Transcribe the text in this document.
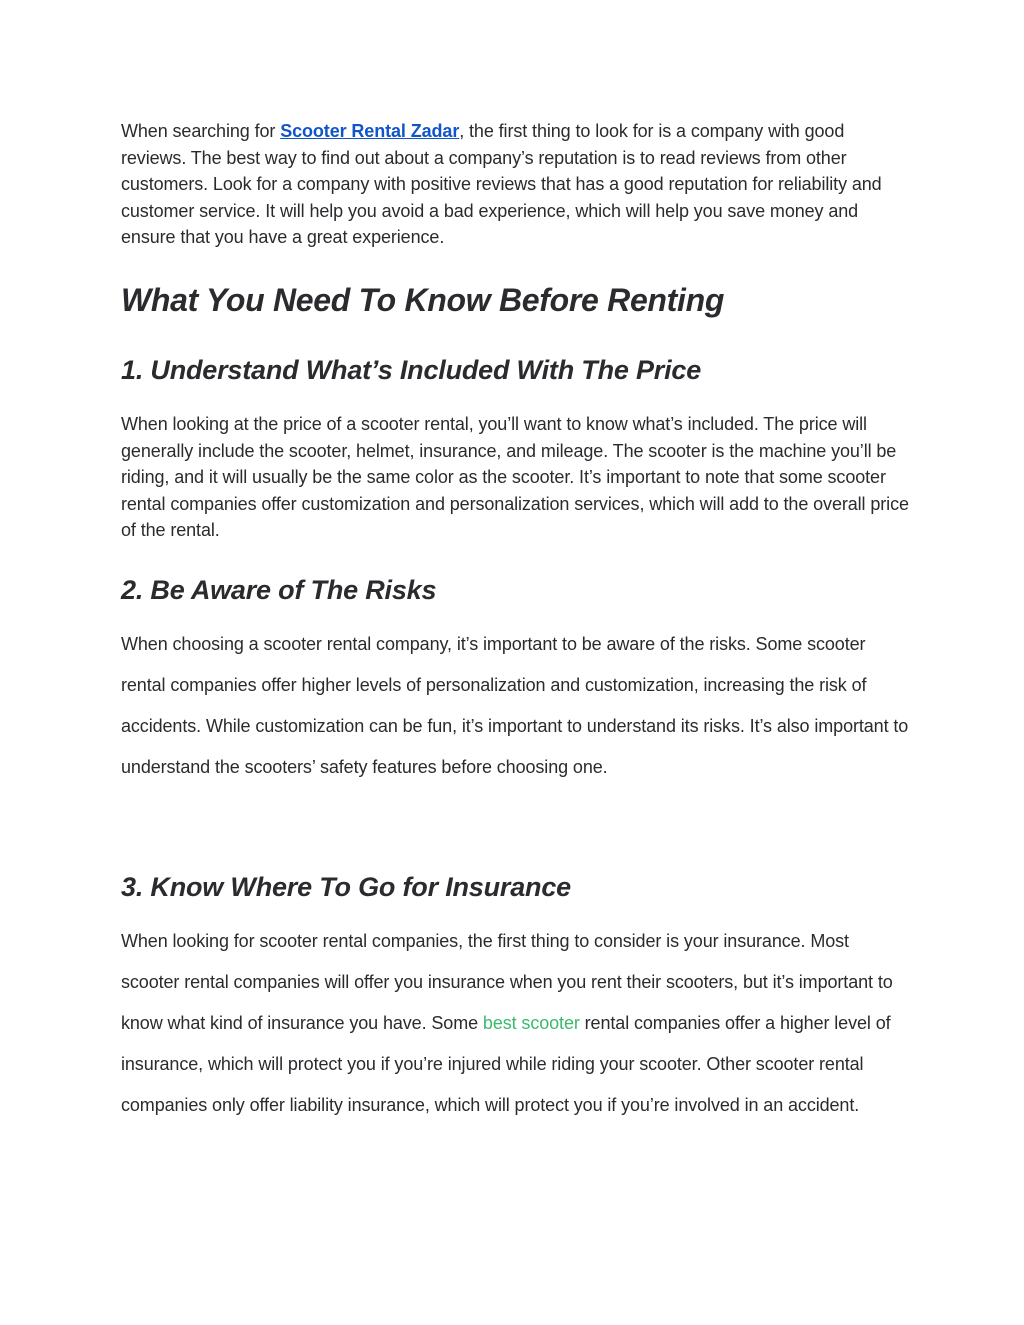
When searching for Scooter Rental Zadar, the first thing to look for is a company with good reviews. The best way to find out about a company’s reputation is to read reviews from other customers. Look for a company with positive reviews that has a good reputation for reliability and customer service. It will help you avoid a bad experience, which will help you save money and ensure that you have a great experience.

What You Need To Know Before Renting
1. Understand What’s Included With The Price

When looking at the price of a scooter rental, you’ll want to know what’s included. The price will generally include the scooter, helmet, insurance, and mileage. The scooter is the machine you’ll be riding, and it will usually be the same color as the scooter. It’s important to note that some scooter rental companies offer customization and personalization services, which will add to the overall price of the rental.

2. Be Aware of The Risks

When choosing a scooter rental company, it’s important to be aware of the risks. Some scooter rental companies offer higher levels of personalization and customization, increasing the risk of accidents. While customization can be fun, it’s important to understand its risks. It’s also important to understand the scooters’ safety features before choosing one.

3. Know Where To Go for Insurance

When looking for scooter rental companies, the first thing to consider is your insurance. Most scooter rental companies will offer you insurance when you rent their scooters, but it’s important to know what kind of insurance you have. Some best scooter rental companies offer a higher level of insurance, which will protect you if you’re injured while riding your scooter. Other scooter rental companies only offer liability insurance, which will protect you if you’re involved in an accident.
